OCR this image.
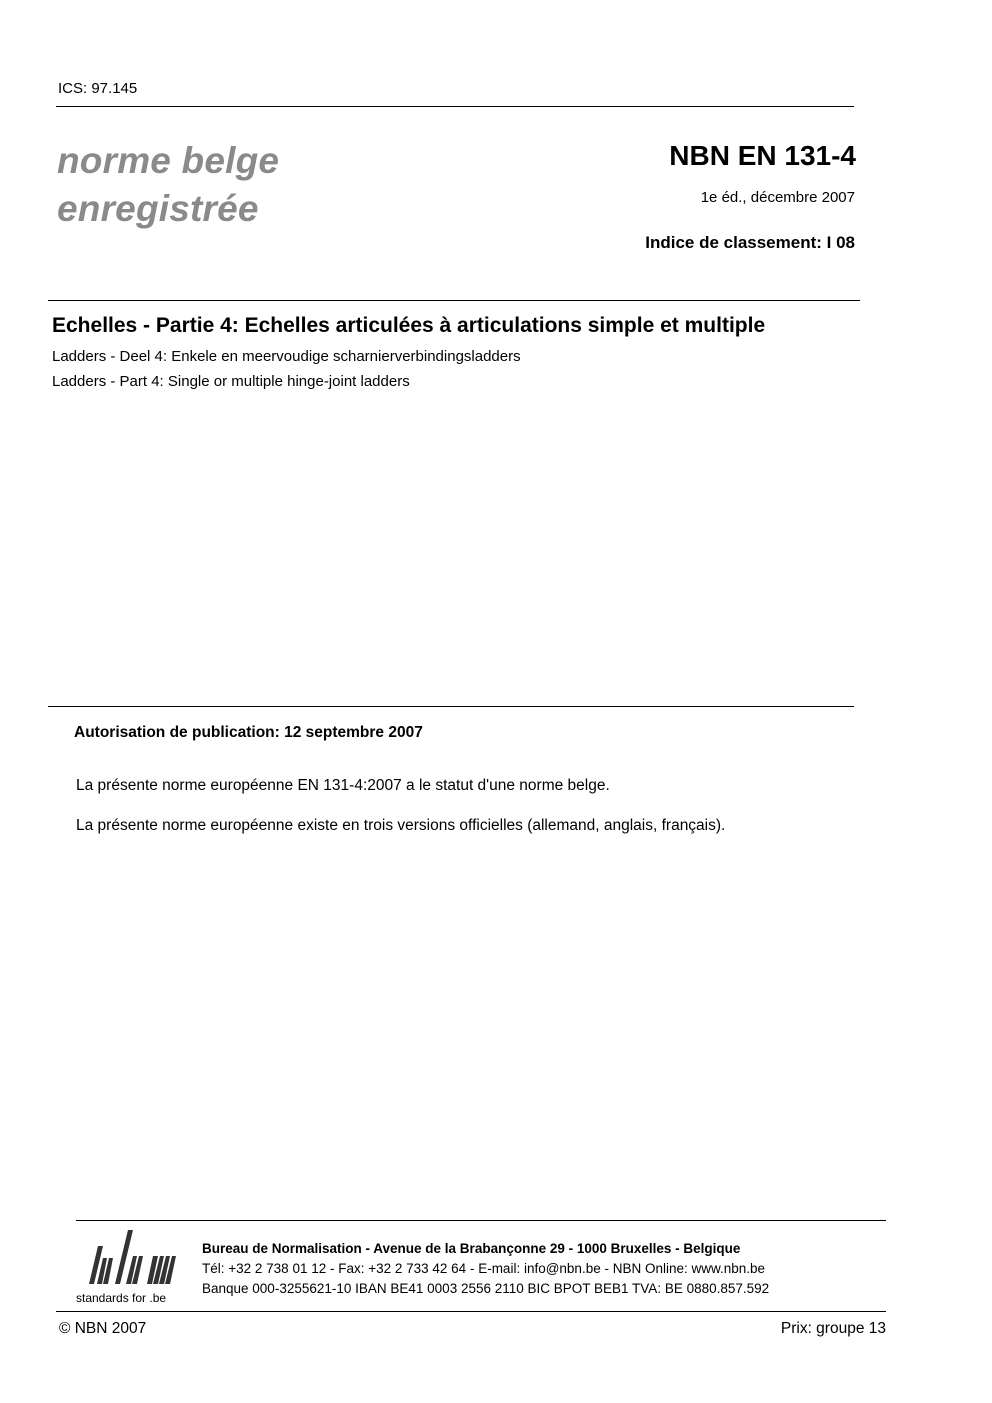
ICS: 97.145
norme belge
enregistrée
NBN EN 131-4
1e éd., décembre 2007
Indice de classement: I 08
Echelles - Partie 4: Echelles articulées à articulations simple et multiple
Ladders - Deel 4: Enkele en meervoudige scharnierverbindingsladders
Ladders - Part 4: Single or multiple hinge-joint ladders
Autorisation de publication: 12 septembre 2007
La présente norme européenne EN 131-4:2007 a le statut d'une norme belge.
La présente norme européenne existe en trois versions officielles (allemand, anglais, français).
standards for .be
Bureau de Normalisation - Avenue de la Brabançonne 29 - 1000 Bruxelles - Belgique
Tél: +32 2 738 01 12 - Fax: +32 2 733 42 64 - E-mail: info@nbn.be - NBN Online: www.nbn.be
Banque 000-3255621-10 IBAN BE41 0003 2556 2110 BIC BPOT BEB1 TVA: BE 0880.857.592
© NBN 2007	Prix: groupe 13
